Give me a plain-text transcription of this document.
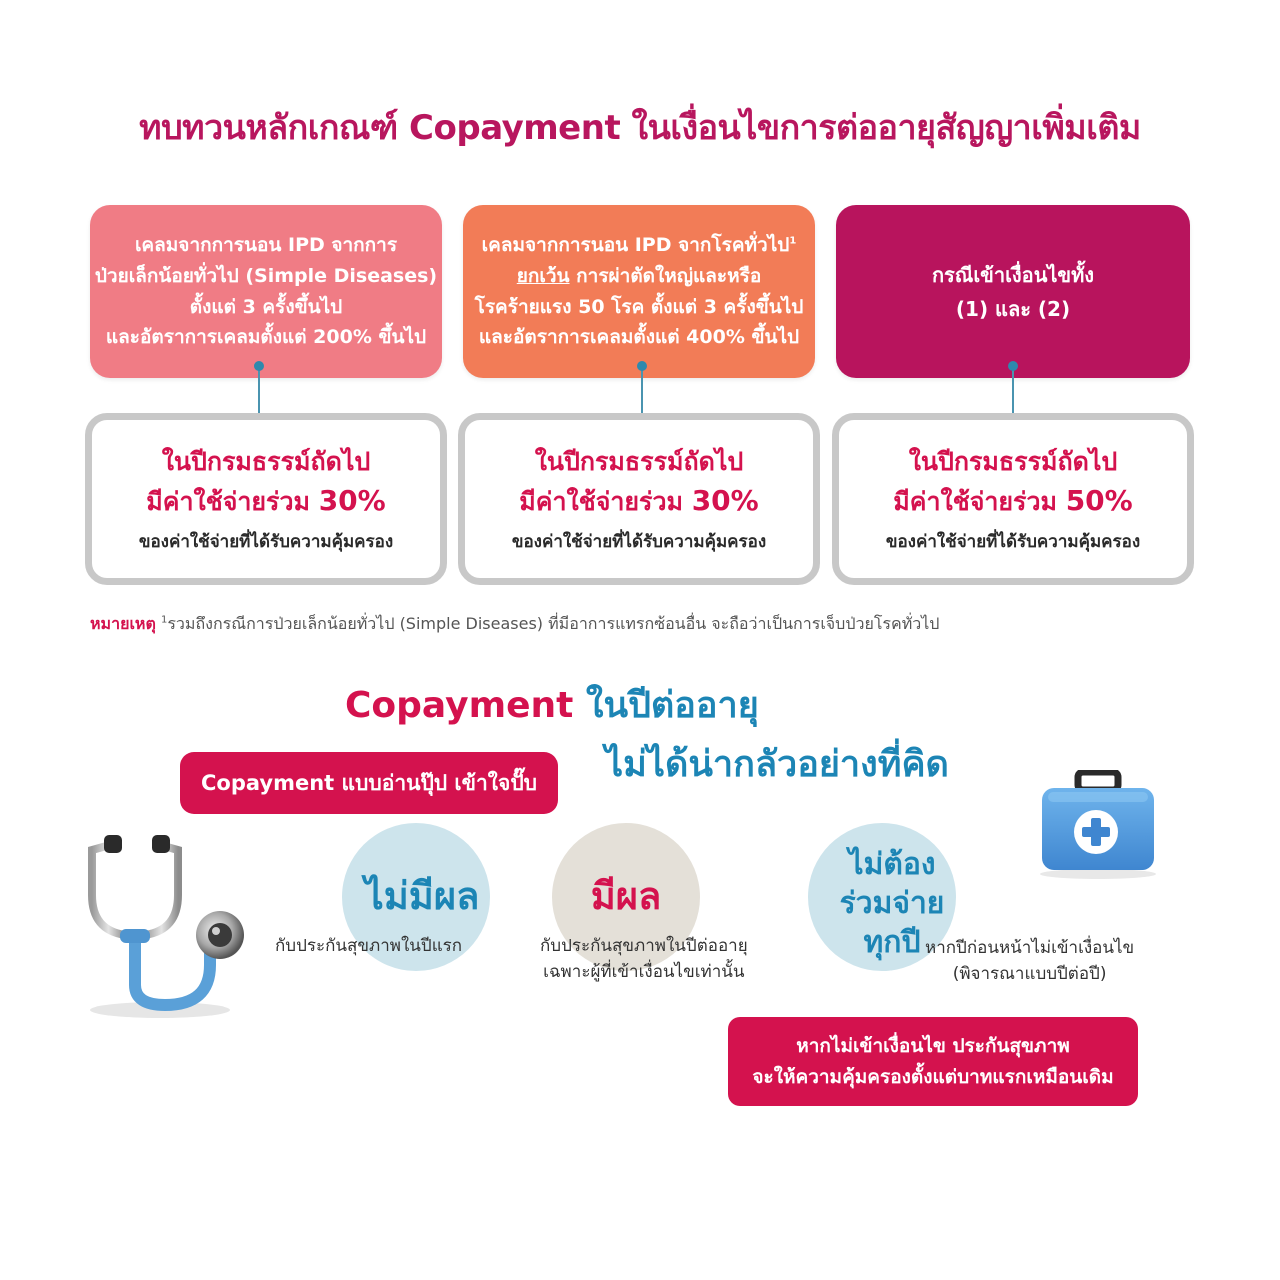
ทบทวนหลักเกณฑ์ Copayment ในเงื่อนไขการต่ออายุสัญญาเพิ่มเติม
เคลมจากการนอน IPD จากการ
ป่วยเล็กน้อยทั่วไป (Simple Diseases)
ตั้งแต่ 3 ครั้งขึ้นไป
และอัตราการเคลมตั้งแต่ 200% ขึ้นไป
เคลมจากการนอน IPD จากโรคทั่วไป$^1$
ยกเว้น การผ่าตัดใหญ่และหรือ
โรคร้ายแรง 50 โรค ตั้งแต่ 3 ครั้งขึ้นไป
และอัตราการเคลมตั้งแต่ 400% ขึ้นไป
กรณีเข้าเงื่อนไขทั้ง
(1) และ (2)
ในปีกรมธรรม์ถัดไป
มีค่าใช้จ่ายร่วม 30%
ของค่าใช้จ่ายที่ได้รับความคุ้มครอง
ในปีกรมธรรม์ถัดไป
มีค่าใช้จ่ายร่วม 30%
ของค่าใช้จ่ายที่ได้รับความคุ้มครอง
ในปีกรมธรรม์ถัดไป
มีค่าใช้จ่ายร่วม 50%
ของค่าใช้จ่ายที่ได้รับความคุ้มครอง
หมายเหตุ $^1$รวมถึงกรณีการป่วยเล็กน้อยทั่วไป (Simple Diseases) ที่มีอาการแทรกซ้อนอื่น จะถือว่าเป็นการเจ็บป่วยโรคทั่วไป
Copayment ในปีต่ออายุ
ไม่ได้น่ากลัวอย่างที่คิด
Copayment แบบอ่านปุ๊ป เข้าใจปั๊บ
ไม่มีผล
กับประกันสุขภาพในปีแรก
มีผล
กับประกันสุขภาพในปีต่ออายุ
เฉพาะผู้ที่เข้าเงื่อนไขเท่านั้น
ไม่ต้อง
ร่วมจ่าย
ทุกปี หากปีก่อนหน้าไม่เข้าเงื่อนไข
(พิจารณาแบบปีต่อปี)
หากไม่เข้าเงื่อนไข ประกันสุขภาพ
จะให้ความคุ้มครองตั้งแต่บาทแรกเหมือนเดิม
